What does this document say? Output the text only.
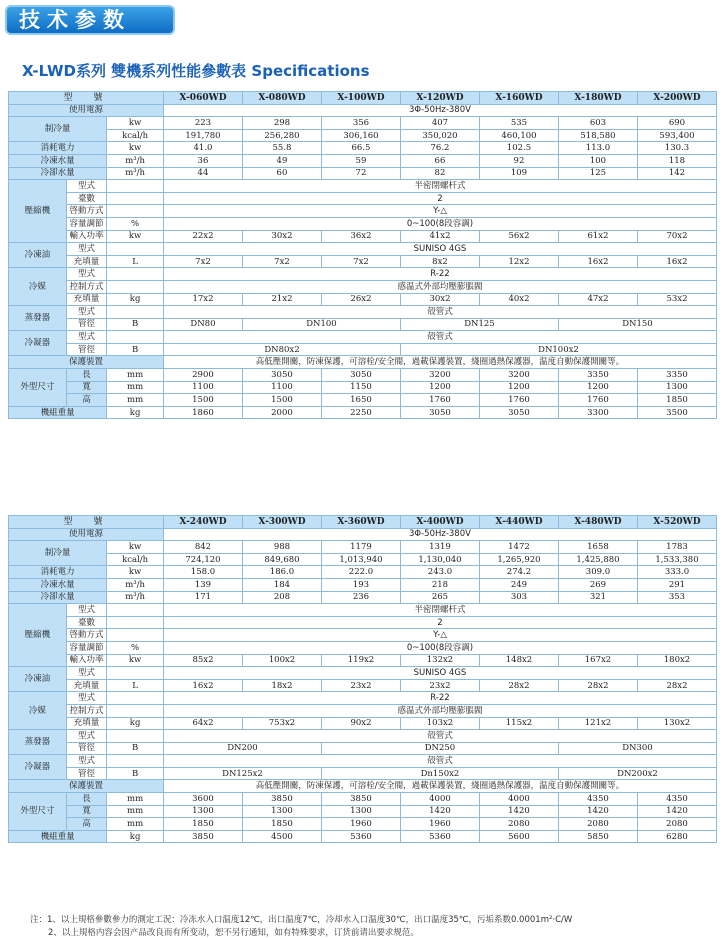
技术参数
X-LWD系列 雙機系列性能參數表 Specifications
型　號			X-060WD	X-080WD	X-100WD	X-120WD	X-160WD	X-180WD	X-200WD
使用電源			3Φ-50Hz-380V						
制冷量		kw	223	298	356	407	535	603	690
		kcal/h	191,780	256,280	306,160	350,020	460,100	518,580	593,400
消耗電力		kw	41.0	55.8	66.5	76.2	102.5	113.0	130.3
冷凍水量		m³/h	36	49	59	66	92	100	118
冷卻水量		m³/h	44	60	72	82	109	125	142
壓縮機	型式		半密閉螺杆式						
	臺數		2						
	啓動方式		Y-△						
	容量調節	%	0~100(8段容調)						
	輸入功率	kw	22x2	30x2	36x2	41x2	56x2	61x2	70x2
冷凍油	型式		SUNISO 4GS						
	充填量	L	7x2	7x2	7x2	8x2	12x2	16x2	16x2
冷媒	型式		R-22						
	控制方式		感温式外部均壓膨脹閥						
	充填量	kg	17x2	21x2	26x2	30x2	40x2	47x2	53x2
蒸發器	型式		殻管式						
	管徑	B	DN80	DN100		DN125		DN150	
冷凝器	型式		殻管式						
	管徑	B	DN80x2			DN100x2			
保護裝置			高低壓開關，防凍保護，可溶栓/安全閥，過載保護裝置，綫圈過熱保護器，温度自動保護開關等。						
外型尺寸	長	mm	2900	3050	3050	3200	3200	3350	3350
	寬	mm	1100	1100	1150	1200	1200	1200	1300
	高	mm	1500	1500	1650	1760	1760	1760	1850
機組重量		kg	1860	2000	2250	3050	3050	3300	3500
型　號			X-240WD	X-300WD	X-360WD	X-400WD	X-440WD	X-480WD	X-520WD
使用電源			3Φ-50Hz-380V						
制冷量		kw	842	988	1179	1319	1472	1658	1783
		kcal/h	724,120	849,680	1,013,940	1,130,040	1,265,920	1,425,880	1,533,380
消耗電力		kw	158.0	186.0	222.0	243.0	274.2	309.0	333.0
冷凍水量		m³/h	139	184	193	218	249	269	291
冷卻水量		m³/h	171	208	236	265	303	321	353
壓縮機	型式		半密閉螺杆式						
	臺數		2						
	啓動方式		Y-△						
	容量調節	%	0~100(8段容調)						
	輸入功率	kw	85x2	100x2	119x2	132x2	148x2	167x2	180x2
冷凍油	型式		SUNISO 4GS						
	充填量	L	16x2	18x2	23x2	23x2	28x2	28x2	28x2
冷媒	型式		R-22						
	控制方式		感温式外部均壓膨脹閥						
	充填量	kg	64x2	753x2	90x2	103x2	115x2	121x2	130x2
蒸發器	型式		殻管式						
	管徑	B	DN200		DN250			DN300	
冷凝器	型式		殻管式						
	管徑	B	DN125x2		Dn150x2			DN200x2	
保護裝置			高低壓開關，防凍保護，可溶栓/安全閥，過載保護裝置，綫圈過熱保護器，温度自動保護開關等。						
外型尺寸	長	mm	3600	3850	3850	4000	4000	4350	4350
	寬	mm	1300	1300	1300	1420	1420	1420	1420
	高	mm	1850	1850	1960	1960	2080	2080	2080
機組重量		kg	3850	4500	5360	5360	5600	5850	6280
注：1、以上規格參數參力的測定工況：冷冻水入口温度12℃，出口温度7℃，冷却水入口温度30℃，出口温度35℃，污垢系数0.0001m²·C/W
2、以上規格内容会因产品改良而有所变动，恕不另行通知，如有特殊要求，订货前请出要求规范。
